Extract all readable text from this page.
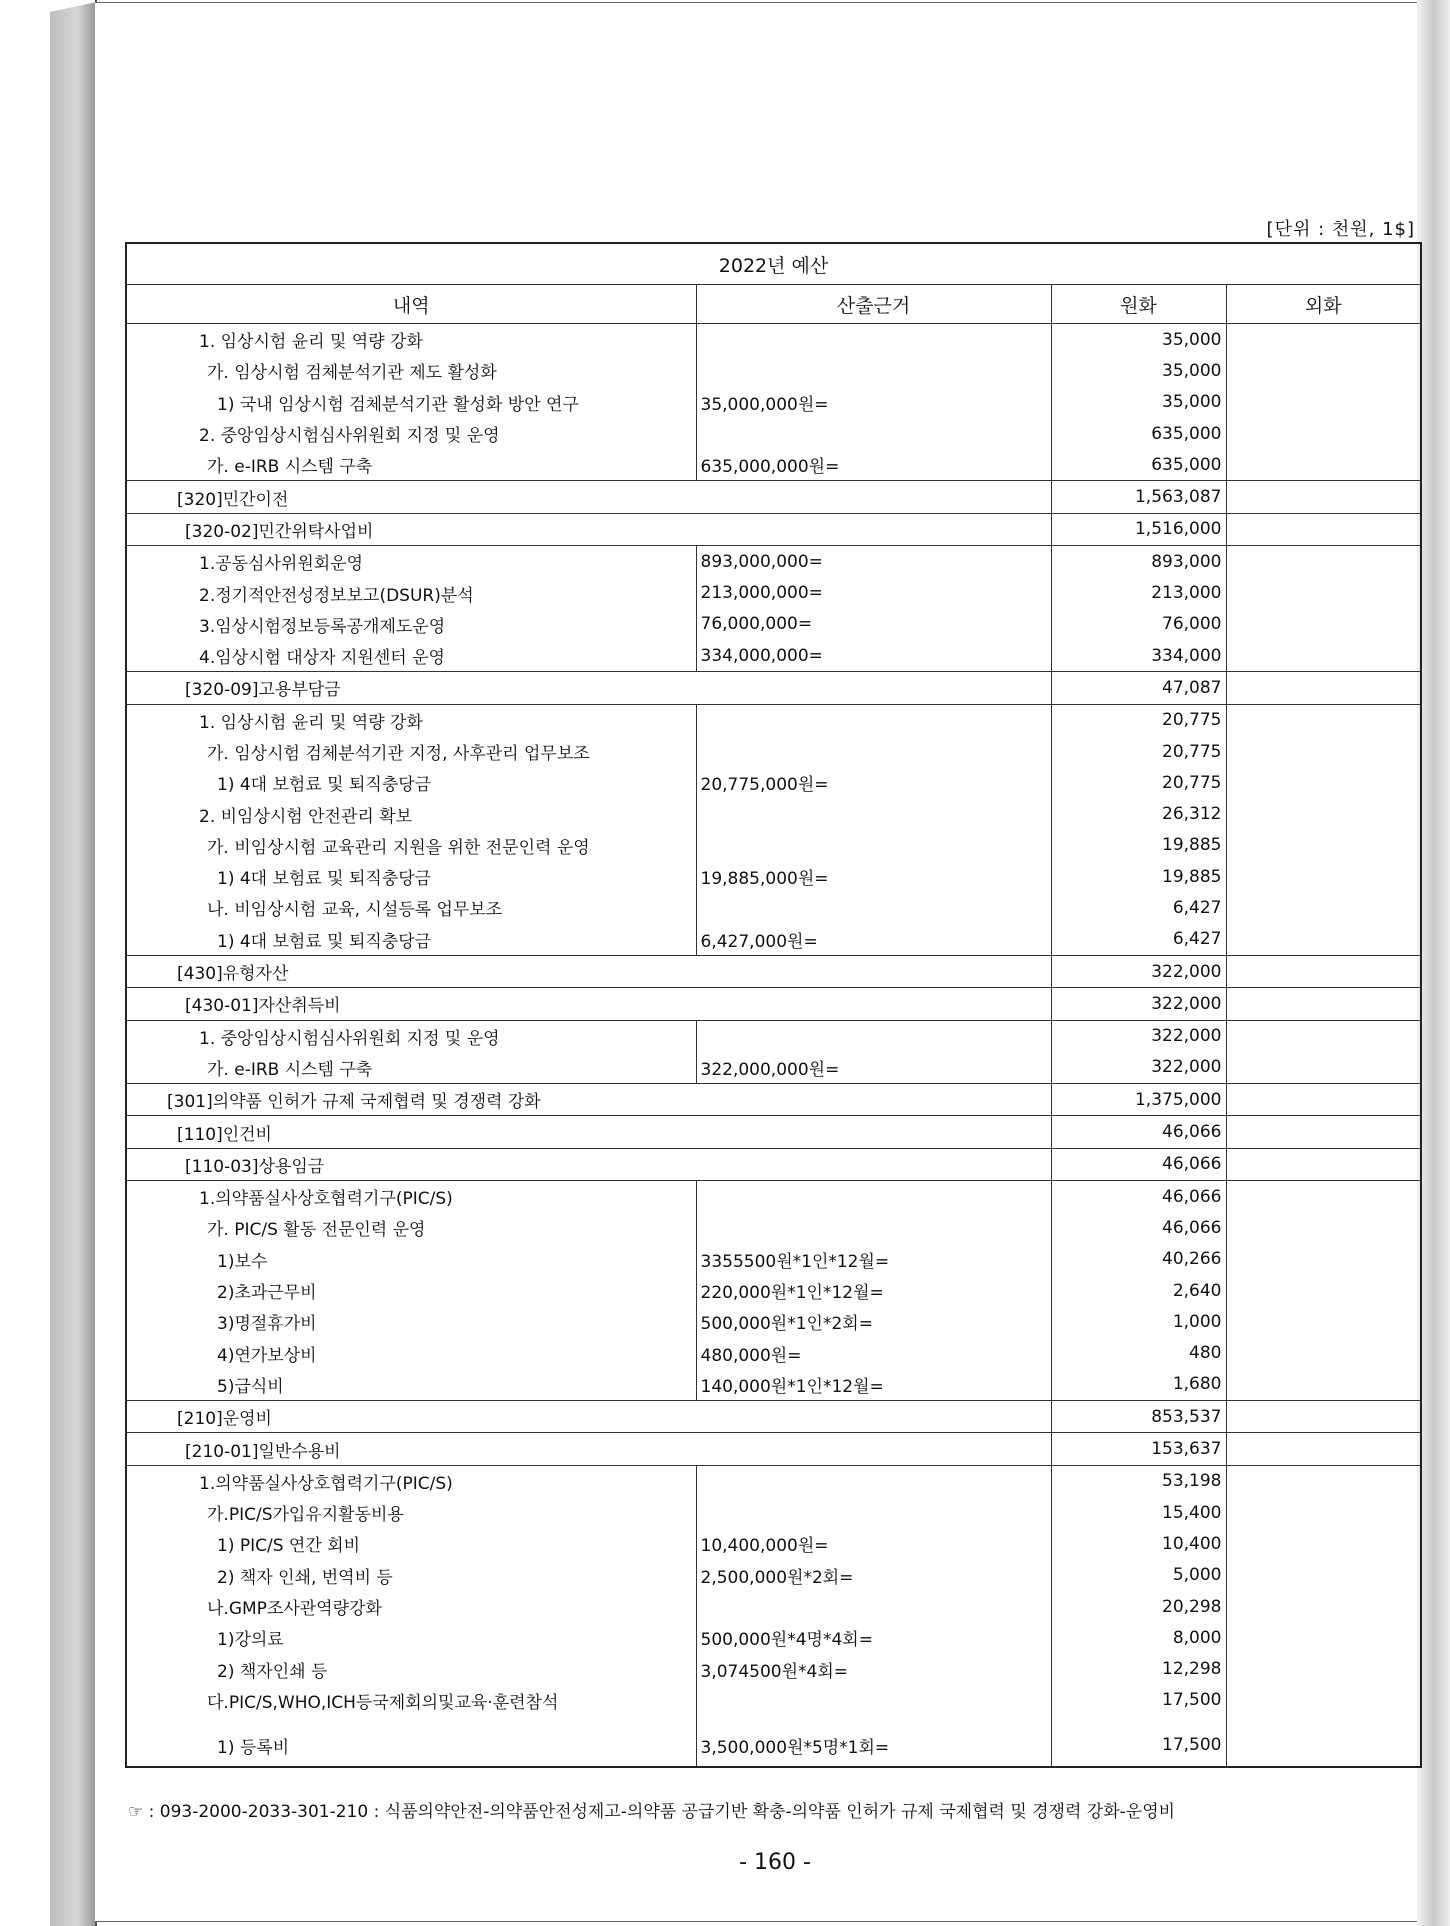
[단위 : 천원, 1$]
2022년 예산			
내역	산출근거	원화	외화
1. 임상시험 윤리 및 역량 강화		35,000	
가. 임상시험 검체분석기관 제도 활성화		35,000	
1) 국내 임상시험 검체분석기관 활성화 방안 연구	35,000,000원=	35,000	
2. 중앙임상시험심사위원회 지정 및 운영		635,000	
가. e-IRB 시스템 구축	635,000,000원=	635,000	
[320]민간이전		1,563,087	
[320-02]민간위탁사업비		1,516,000	
1.공동심사위원회운영	893,000,000=	893,000	
2.정기적안전성정보보고(DSUR)분석	213,000,000=	213,000	
3.임상시험정보등록공개제도운영	76,000,000=	76,000	
4.임상시험 대상자 지원센터 운영	334,000,000=	334,000	
[320-09]고용부담금		47,087	
1. 임상시험 윤리 및 역량 강화		20,775	
가. 임상시험 검체분석기관 지정, 사후관리 업무보조		20,775	
1) 4대 보험료 및 퇴직충당금	20,775,000원=	20,775	
2. 비임상시험 안전관리 확보		26,312	
가. 비임상시험 교육관리 지원을 위한 전문인력 운영		19,885	
1) 4대 보험료 및 퇴직충당금	19,885,000원=	19,885	
나. 비임상시험 교육, 시설등록 업무보조		6,427	
1) 4대 보험료 및 퇴직충당금	6,427,000원=	6,427	
[430]유형자산		322,000	
[430-01]자산취득비		322,000	
1. 중앙임상시험심사위원회 지정 및 운영		322,000	
가. e-IRB 시스템 구축	322,000,000원=	322,000	
[301]의약품 인허가 규제 국제협력 및 경쟁력 강화		1,375,000	
[110]인건비		46,066	
[110-03]상용임금		46,066	
1.의약품실사상호협력기구(PIC/S)		46,066	
가. PIC/S 활동 전문인력 운영		46,066	
1)보수	3355500원*1인*12월=	40,266	
2)초과근무비	220,000원*1인*12월=	2,640	
3)명절휴가비	500,000원*1인*2회=	1,000	
4)연가보상비	480,000원=	480	
5)급식비	140,000원*1인*12월=	1,680	
[210]운영비		853,537	
[210-01]일반수용비		153,637	
1.의약품실사상호협력기구(PIC/S)		53,198	
가.PIC/S가입유지활동비용		15,400	
1) PIC/S 연간 회비	10,400,000원=	10,400	
2) 책자 인쇄, 번역비 등	2,500,000원*2회=	5,000	
나.GMP조사관역량강화		20,298	
1)강의료	500,000원*4명*4회=	8,000	
2) 책자인쇄 등	3,074500원*4회=	12,298	
다.PIC/S,WHO,ICH등국제회의및교육·훈련참석		17,500	
1) 등록비	3,500,000원*5명*1회=	17,500	
☞ : 093-2000-2033-301-210 : 식품의약안전-의약품안전성제고-의약품 공급기반 확충-의약품 인허가 규제 국제협력 및 경쟁력 강화-운영비
- 160 -
